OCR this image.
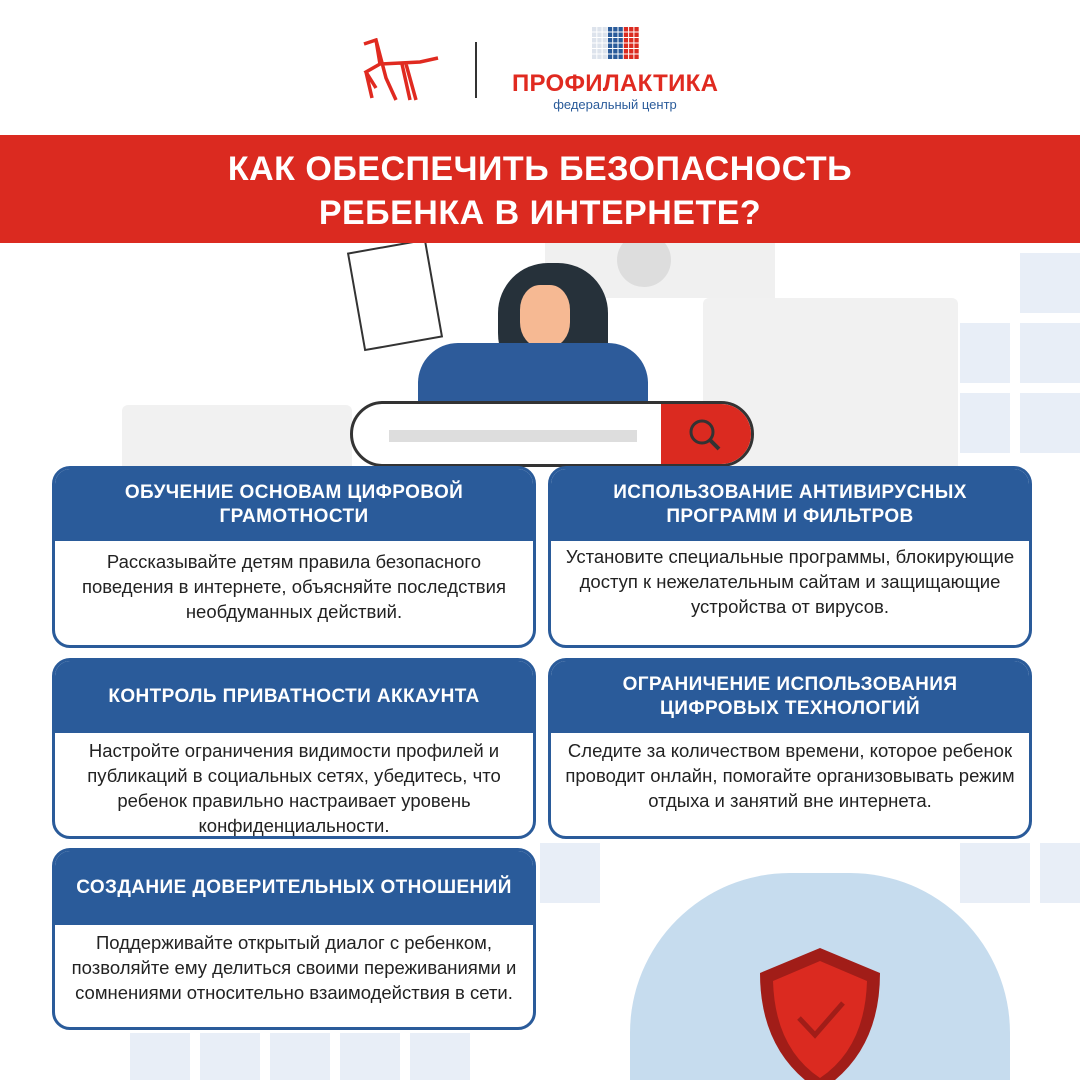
ПРОФИЛАКТИКА
федеральный центр
КАК ОБЕСПЕЧИТЬ БЕЗОПАСНОСТЬ
РЕБЕНКА В ИНТЕРНЕТЕ?
ОБУЧЕНИЕ ОСНОВАМ ЦИФРОВОЙ ГРАМОТНОСТИ
Рассказывайте детям правила безопасного поведения в интернете, объясняйте последствия необдуманных действий.
ИСПОЛЬЗОВАНИЕ АНТИВИРУСНЫХ ПРОГРАММ И ФИЛЬТРОВ
Установите специальные программы, блокирующие доступ к нежелательным сайтам и защищающие устройства от вирусов.
КОНТРОЛЬ ПРИВАТНОСТИ АККАУНТА
Настройте ограничения видимости профилей и публикаций в социальных сетях, убедитесь, что ребенок правильно настраивает уровень конфиденциальности.
ОГРАНИЧЕНИЕ ИСПОЛЬЗОВАНИЯ ЦИФРОВЫХ ТЕХНОЛОГИЙ
Следите за количеством времени, которое ребенок проводит онлайн, помогайте организовывать режим отдыха и занятий вне интернета.
СОЗДАНИЕ ДОВЕРИТЕЛЬНЫХ ОТНОШЕНИЙ
Поддерживайте открытый диалог с ребенком, позволяйте ему делиться своими переживаниями и сомнениями относительно взаимодействия в сети.
